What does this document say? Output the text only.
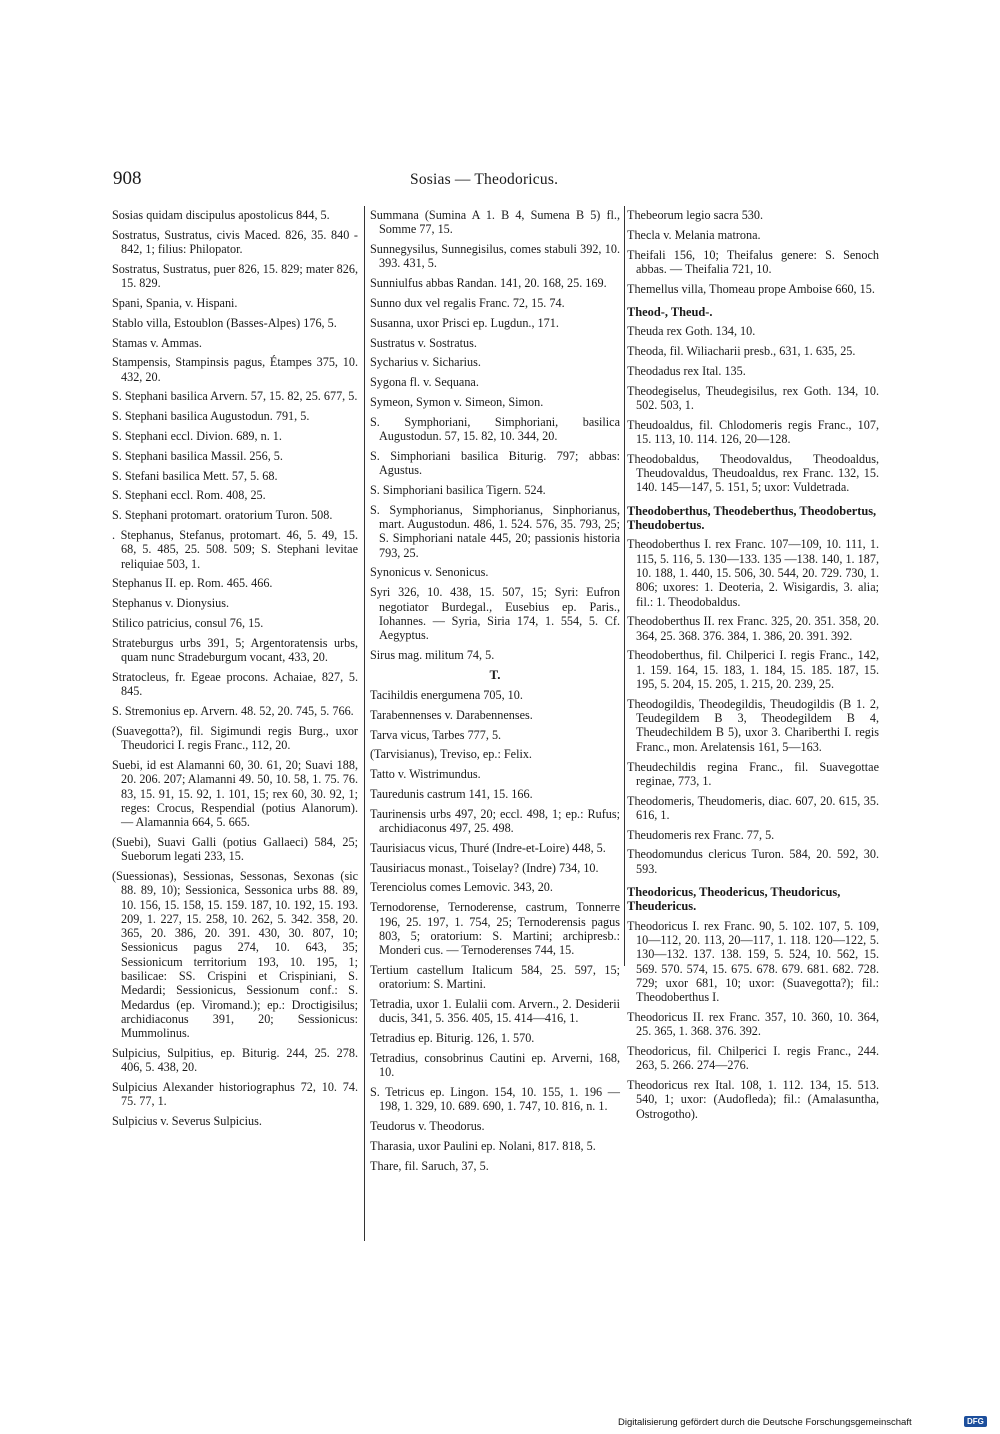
908	Sosias — Theodoricus.
Sosias quidam discipulus apostolicus 844, 5.
Sostratus, Sustratus, civis Maced. 826, 35. 840 - 842, 1; filius: Philopator.
Sostratus, Sustratus, puer 826, 15. 829; mater 826, 15. 829.
Spani, Spania, v. Hispani.
Stablo villa, Estoublon (Basses-Alpes) 176, 5.
Stamas v. Ammas.
Stampensis, Stampinsis pagus, Étampes 375, 10. 432, 20.
S. Stephani basilica Arvern. 57, 15. 82, 25. 677, 5.
S. Stephani basilica Augustodun. 791, 5.
S. Stephani eccl. Divion. 689, n. 1.
S. Stephani basilica Massil. 256, 5.
S. Stefani basilica Mett. 57, 5. 68.
S. Stephani eccl. Rom. 408, 25.
S. Stephani protomart. oratorium Turon. 508.
. Stephanus, Stefanus, protomart. 46, 5. 49, 15. 68, 5. 485, 25. 508. 509; S. Stephani levitae reliquiae 503, 1.
Stephanus II. ep. Rom. 465. 466.
Stephanus v. Dionysius.
Stilico patricius, consul 76, 15.
Strateburgus urbs 391, 5; Argentoratensis urbs, quam nunc Stradeburgum vocant, 433, 20.
Stratocleus, fr. Egeae procons. Achaiae, 827, 5. 845.
S. Stremonius ep. Arvern. 48. 52, 20. 745, 5. 766.
(Suavegotta?), fil. Sigimundi regis Burg., uxor Theudorici I. regis Franc., 112, 20.
Suebi, id est Alamanni 60, 30. 61, 20; Suavi 188, 20. 206. 207; Alamanni 49. 50, 10. 58, 1. 75. 76. 83, 15. 91, 15. 92, 1. 101, 15; rex 60, 30. 92, 1; reges: Crocus, Respendial (potius Alanorum). — Alamannia 664, 5. 665.
(Suebi), Suavi Galli (potius Gallaeci) 584, 25; Sueborum legati 233, 15.
(Suessionas), Sessionas, Sessonas, Sexonas (sic 88. 89, 10); Sessionica, Sessonica urbs 88. 89, 10. 156, 15. 158, 15. 159. 187, 10. 192, 15. 193. 209, 1. 227, 15. 258, 10. 262, 5. 342. 358, 20. 365, 20. 386, 20. 391. 430, 30. 807, 10; Sessionicus pagus 274, 10. 643, 35; Sessionicum territorium 193, 10. 195, 1; basilicae: SS. Crispini et Crispiniani, S. Medardi; Sessionicus, Sessionum conf.: S. Medardus (ep. Viromand.); ep.: Droctigisilus; archidiaconus 391, 20; Sessionicus: Mummolinus.
Sulpicius, Sulpitius, ep. Biturig. 244, 25. 278. 406, 5. 438, 20.
Sulpicius Alexander historiographus 72, 10. 74. 75. 77, 1.
Sulpicius v. Severus Sulpicius.
Summana (Sumina A 1. B 4, Sumena B 5) fl., Somme 77, 15.
Sunnegysilus, Sunnegisilus, comes stabuli 392, 10. 393. 431, 5.
Sunniulfus abbas Randan. 141, 20. 168, 25. 169.
Sunno dux vel regalis Franc. 72, 15. 74.
Susanna, uxor Prisci ep. Lugdun., 171.
Sustratus v. Sostratus.
Sycharius v. Sicharius.
Sygona fl. v. Sequana.
Symeon, Symon v. Simeon, Simon.
S. Symphoriani, Simphoriani, basilica Augustodun. 57, 15. 82, 10. 344, 20.
S. Simphoriani basilica Biturig. 797; abbas: Agustus.
S. Simphoriani basilica Tigern. 524.
S. Symphorianus, Simphorianus, Sinphorianus, mart. Augustodun. 486, 1. 524. 576, 35. 793, 25; S. Simphoriani natale 445, 20; passionis historia 793, 25.
Synonicus v. Senonicus.
Syri 326, 10. 438, 15. 507, 15; Syri: Eufron negotiator Burdegal., Eusebius ep. Paris., Iohannes. — Syria, Siria 174, 1. 554, 5. Cf. Aegyptus.
Sirus mag. militum 74, 5.
T.
Tacihildis energumena 705, 10.
Tarabennenses v. Darabennenses.
Tarva vicus, Tarbes 777, 5.
(Tarvisianus), Treviso, ep.: Felix.
Tatto v. Wistrimundus.
Tauredunis castrum 141, 15. 166.
Taurinensis urbs 497, 20; eccl. 498, 1; ep.: Rufus; archidiaconus 497, 25. 498.
Taurisiacus vicus, Thuré (Indre-et-Loire) 448, 5.
Tausiriacus monast., Toiselay? (Indre) 734, 10.
Terenciolus comes Lemovic. 343, 20.
Ternodorense, Ternoderense, castrum, Tonnerre 196, 25. 197, 1. 754, 25; Ternoderensis pagus 803, 5; oratorium: S. Martini; archipresb.: Monderi cus. — Ternoderenses 744, 15.
Tertium castellum Italicum 584, 25. 597, 15; oratorium: S. Martini.
Tetradia, uxor 1. Eulalii com. Arvern., 2. Desiderii ducis, 341, 5. 356. 405, 15. 414—416, 1.
Tetradius ep. Biturig. 126, 1. 570.
Tetradius, consobrinus Cautini ep. Arverni, 168, 10.
S. Tetricus ep. Lingon. 154, 10. 155, 1. 196 — 198, 1. 329, 10. 689. 690, 1. 747, 10. 816, n. 1.
Teudorus v. Theodorus.
Tharasia, uxor Paulini ep. Nolani, 817. 818, 5.
Thare, fil. Saruch, 37, 5.
Thebeorum legio sacra 530.
Thecla v. Melania matrona.
Theifali 156, 10; Theifalus genere: S. Senoch abbas. — Theifalia 721, 10.
Themellus villa, Thomeau prope Amboise 660, 15.
Theod-, Theud-.
Theuda rex Goth. 134, 10.
Theoda, fil. Wiliacharii presb., 631, 1. 635, 25.
Theodadus rex Ital. 135.
Theodegiselus, Theudegisilus, rex Goth. 134, 10. 502. 503, 1.
Theudoaldus, fil. Chlodomeris regis Franc., 107, 15. 113, 10. 114. 126, 20—128.
Theodobaldus, Theodovaldus, Theodoaldus, Theudovaldus, Theudoaldus, rex Franc. 132, 15. 140. 145—147, 5. 151, 5; uxor: Vuldetrada.
Theodoberthus, Theodeberthus, Theodobertus, Theudobertus.
Theodoberthus I. rex Franc. 107—109, 10. 111, 1. 115, 5. 116, 5. 130—133. 135 —138. 140, 1. 187, 10. 188, 1. 440, 15. 506, 30. 544, 20. 729. 730, 1. 806; uxores: 1. Deoteria, 2. Wisigardis, 3. alia; fil.: 1. Theodobaldus.
Theodoberthus II. rex Franc. 325, 20. 351. 358, 20. 364, 25. 368. 376. 384, 1. 386, 20. 391. 392.
Theodoberthus, fil. Chilperici I. regis Franc., 142, 1. 159. 164, 15. 183, 1. 184, 15. 185. 187, 15. 195, 5. 204, 15. 205, 1. 215, 20. 239, 25.
Theodogildis, Theodegildis, Theudogildis (B 1. 2, Teudegildem B 3, Theodegildem B 4, Theudechildem B 5), uxor 3. Chariberthi I. regis Franc., mon. Arelatensis 161, 5—163.
Theudechildis regina Franc., fil. Suavegottae reginae, 773, 1.
Theodomeris, Theudomeris, diac. 607, 20. 615, 35. 616, 1.
Theudomeris rex Franc. 77, 5.
Theodomundus clericus Turon. 584, 20. 592, 30. 593.
Theodoricus, Theodericus, Theudoricus, Theudericus.
Theodoricus I. rex Franc. 90, 5. 102. 107, 5. 109, 10—112, 20. 113, 20—117, 1. 118. 120—122, 5. 130—132. 137. 138. 159, 5. 524, 10. 562, 15. 569. 570. 574, 15. 675. 678. 679. 681. 682. 728. 729; uxor 681, 10; uxor: (Suavegotta?); fil.: Theodoberthus I.
Theodoricus II. rex Franc. 357, 10. 360, 10. 364, 25. 365, 1. 368. 376. 392.
Theodoricus, fil. Chilperici I. regis Franc., 244. 263, 5. 266. 274—276.
Theodoricus rex Ital. 108, 1. 112. 134, 15. 513. 540, 1; uxor: (Audofleda); fil.: (Amalasuntha, Ostrogotho).
Digitalisierung gefördert durch die Deutsche Forschungsgemeinschaft	DFG
